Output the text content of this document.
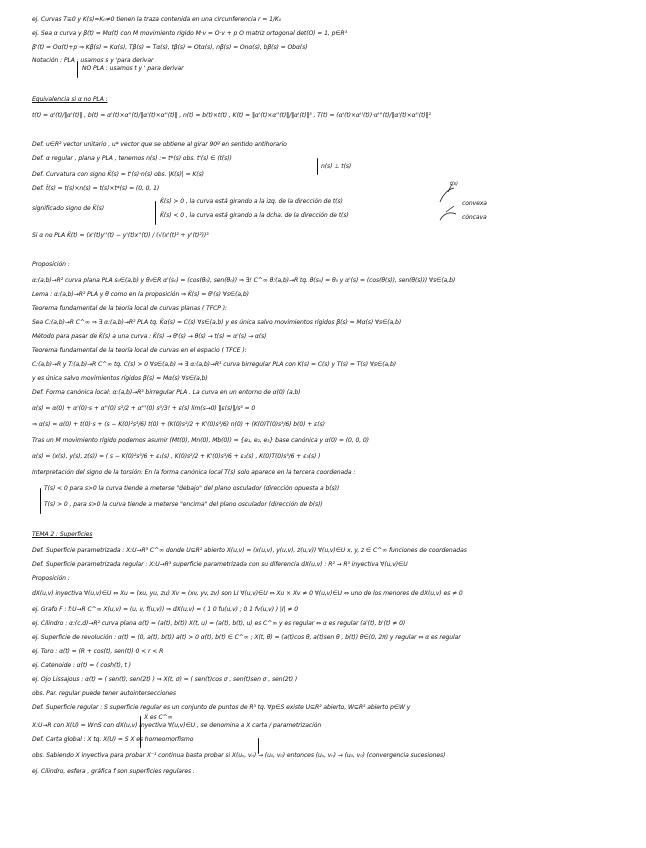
ej. Curvas T≡0 y K(s)=K₀≠0 tienen la traza contenida en una circunferencia r = 1/K₀
ej. Sea α curva y β(t) = Mα(t) con M movimiento rígido M·v = O·v + p O matriz ortogonal det(O) = 1, p∈R³
β'(t) = Oα(t)+p ⇒ Kβ(s) = Kα(s), Tβ(s) = Tα(s), tβ(s) = Otα(s), nβ(s) = Onα(s), bβ(s) = Obα(s)
Notación : PLA : usamos s y 'para derivar
NO PLA : usamos t y ' para derivar
Equivalencia si α no PLA :
t(t) = α'(t)/‖α'(t)‖ , b(t) = α'(t)×α''(t)/‖α'(t)×α''(t)‖ , n(t) = b(t)×t(t) , K(t) = ‖α'(t)×α''(t)‖/‖α'(t)‖³ , T(t) = (α'(t)×α''(t))·α'''(t)/‖α'(t)×α''(t)‖²
Def. u∈R² vector unitario , u* vector que se obtiene al girar 90º en sentido antihorario
Def. α regular , plana y PLA , tenemos n(s) := t*(s) obs. t'(s) ∈ (t(s))
n(s) ⊥ t(s)
Def. Curvatura con signo K̃(s) = t'(s)·n(s) obs. |K(s)| = K(s)
Def. t̃(s) = t(s)×n(s) = t(s)×t*(s) = (0, 0, 1)
K̃(s) > 0 , la curva está girando a la izq. de la dirección de t(s)
significado signo de K̃(s)
K̃(s) < 0 , la curva está girando a la dcha. de la dirección de t(s)
Si α no PLA K̃(t) = (x'(t)y''(t) − y'(t)x''(t)) / (√(x'(t)² + y'(t)²))³
Proposición :
α:(a,b)→R² curva plana PLA s₀∈(a,b) y θ₀∈R α'(s₀) = (cos(θ₀), sen(θ₀)) ⇒ ∃! C^∞ θ:(a,b)→R tq. θ(s₀) = θ₀ y α'(s) = (cos(θ(s)), sen(θ(s))) ∀s∈(a,b)
Lema : α:(a,b)→R² PLA y θ como en la proposición ⇒ K̃(s) = θ'(s) ∀s∈(a,b)
Teorema fundamental de la teoría local de curvas planas ( TFCP ):
Sea C:(a,b)→R C^∞ ⇒ ∃ α:(a,b)→R² PLA tq. K̃α(s) = C(s) ∀s∈(a,b) y es única salvo movimientos rígidos β(s) = Mα(s) ∀s∈(a,b)
Método para pasar de K̃(s) a una curva : K̃(s) → θ'(s) → θ(s) → t(s) = α'(s) → α(s)
Teorema fundamental de la teoría local de curvas en el espacio ( TFCE ):
C:(a,b)→R y T:(a,b)→R C^∞ tq. C(s) > 0 ∀s∈(a,b) ⇒ ∃ α:(a,b)→R³ curva birregular PLA con K(s) = C(s) y T(s) = T(s) ∀s∈(a,b)
y es única salvo movimientos rígidos β(s) = Mα(s) ∀s∈(a,b)
Def. Forma canónica local: α:(a,b)→R³ birregular PLA . La curva en un entorno de α(0) (a,b)
α(s) = α(0) + α'(0)·s + α''(0) s²/2 + α'''(0) s³/3! + ε(s) lim(s→0) ‖ε(s)‖/s³ = 0
⇒ α(s) = α(0) + t(0)·s + (s − K(0)²s³/6) t(0) + (K(0)s²/2 + K'(0)s³/6) n(0) + (K(0)T(0)s³/6) b(0) + ε(s)
Tras un M movimiento rígido podemos asumir (Mt(0), Mn(0), Mb(0)) = {e₁, e₂, e₃} base canónica y α(0) = (0, 0, 0)
α(s) = (x(s), y(s), z(s)) = ( s − K(0)²s³/6 + ε₁(s) , K(0)s²/2 + K'(0)s³/6 + ε₂(s) , K(0)T(0)s³/6 + ε₃(s) )
Interpretación del signo de la torsión: En la forma canónica local T(s) solo aparece en la tercera coordenada :
T(s) < 0 para s>0 la curva tiende a meterse "debajo" del plano osculador (dirección opuesta a b(s))
T(s) > 0 , para s>0 la curva tiende a meterse "encima" del plano osculador (dirección de b(s))
TEMA 2 : Superficies
Def. Superficie parametrizada : X:U→R³ C^∞ donde U⊆R² abierto X(u,v) = (x(u,v), y(u,v), z(u,v)) ∀(u,v)∈U x, y, z ∈ C^∞ funciones de coordenadas
Def. Superficie parametrizada regular : X:U→R³ superficie parametrizada con su diferencia dX(u,v) : R² → R³ inyectiva ∀(u,v)∈U
Proposición :
dX(u,v) inyectiva ∀(u,v)∈U ⇔ Xu = (xu, yu, zu) Xv = (xv, yv, zv) son LI ∀(u,v)∈U ⇔ Xu × Xv ≠ 0 ∀(u,v)∈U ⇔ uno de los menores de dX(u,v) es ≠ 0
ej. Grafo F : f:U→R C^∞ X(u,v) = (u, v, f(u,v)) ⇒ dX(u,v) = ( 1 0 fu(u,v) ; 0 1 fv(u,v) ) |I| ≠ 0
ej. Cilindro : α:(c,d)→R² curva plana α(t) = (a(t), b(t)) X(t, u) = (a(t), b(t), u) es C^∞ y es regular ⇔ α es regular (a'(t), b'(t) ≠ 0)
ej. Superficie de revolución : α(t) = (0, a(t), b(t)) a(t) > 0 α(t), b(t) ∈ C^∞ ; X(t, θ) = (a(t)cos θ, a(t)sen θ , b(t)) θ∈(0, 2π) y regular ⇔ α es regular
ej. Toro : α(t) = (R + cos(t), sen(t)) 0 < r < R
ej. Catenoide : α(t) = ( cosh(t), t )
ej. Ojo Lissajous : α(t) = ( sen(t), sen(2t) ) ⇒ X(t, σ) = ( sen(t)cos σ , sen(t)sen σ , sen(2t) )
obs. Par. regular puede tener autointersecciones
Def. Superficie regular : S superficie regular es un conjunto de puntos de R³ tq. ∀p∈S existe U⊆R² abierto, W⊆R³ abierto p∈W y
X es C^∞
X:U→R con X(U) = W∩S con dX(u,v) inyectiva ∀(u,v)∈U , se denomina a X carta / parametrización
Def. Carta global : X tq. X(U) = S X es homeomorfismo
obs. Sabiendo X inyectiva para probar X⁻¹ continua basta probar si X(uₙ, vₙ) → (u₀, v₀) entonces (uₙ, vₙ) → (u₀, v₀) (convergencia sucesiones)
ej. Cilindro, esfera , gráfica f son superficies regulares .
t(s)
convexa
cóncava
